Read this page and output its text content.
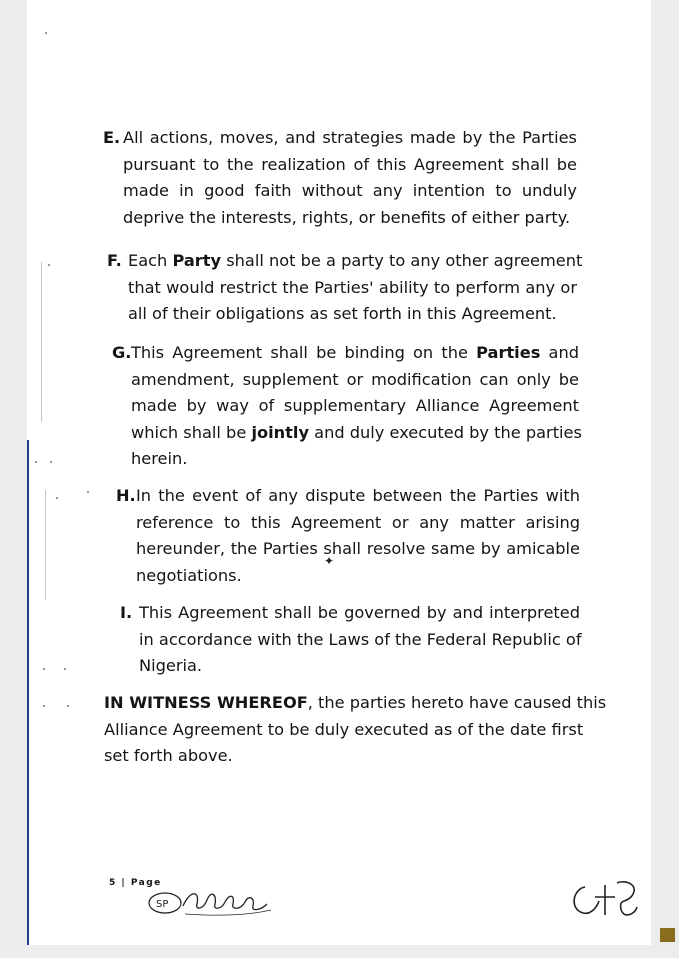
E. All actions, moves, and strategies made by the Parties
pursuant to the realization of this Agreement shall be
made in good faith without any intention to unduly
deprive the interests, rights, or benefits of either party.
F. Each Party shall not be a party to any other agreement
that would restrict the Parties' ability to perform any or
all of their obligations as set forth in this Agreement.
G. This Agreement shall be binding on the Parties and
amendment, supplement or modification can only be
made by way of supplementary Alliance Agreement
which shall be jointly and duly executed by the parties
herein.
H. In the event of any dispute between the Parties with
reference to this Agreement or any matter arising
hereunder, the Parties shall resolve same by amicable
negotiations.
✦
I. This Agreement shall be governed by and interpreted
in accordance with the Laws of the Federal Republic of
Nigeria.
IN WITNESS WHEREOF, the parties hereto have caused this
Alliance Agreement to be duly executed as of the date first
set forth above.
5 | Page
SP
C+D
